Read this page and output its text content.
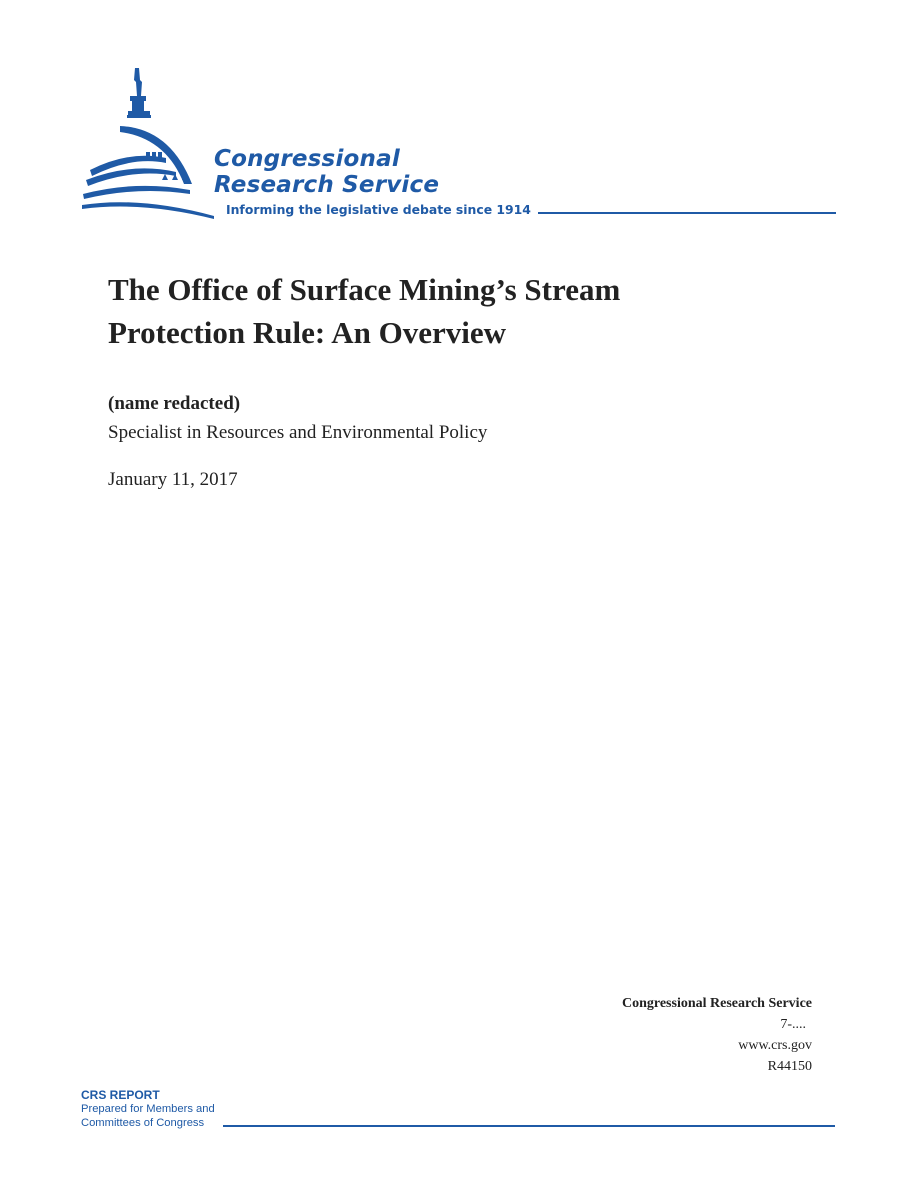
Congressional
Research Service
Informing the legislative debate since 1914
The Office of Surface Mining’s Stream
Protection Rule: An Overview
(name redacted)
Specialist in Resources and Environmental Policy
January 11, 2017
Congressional Research Service
7-....
www.crs.gov
R44150
CRS REPORT
Prepared for Members and
Committees of Congress
